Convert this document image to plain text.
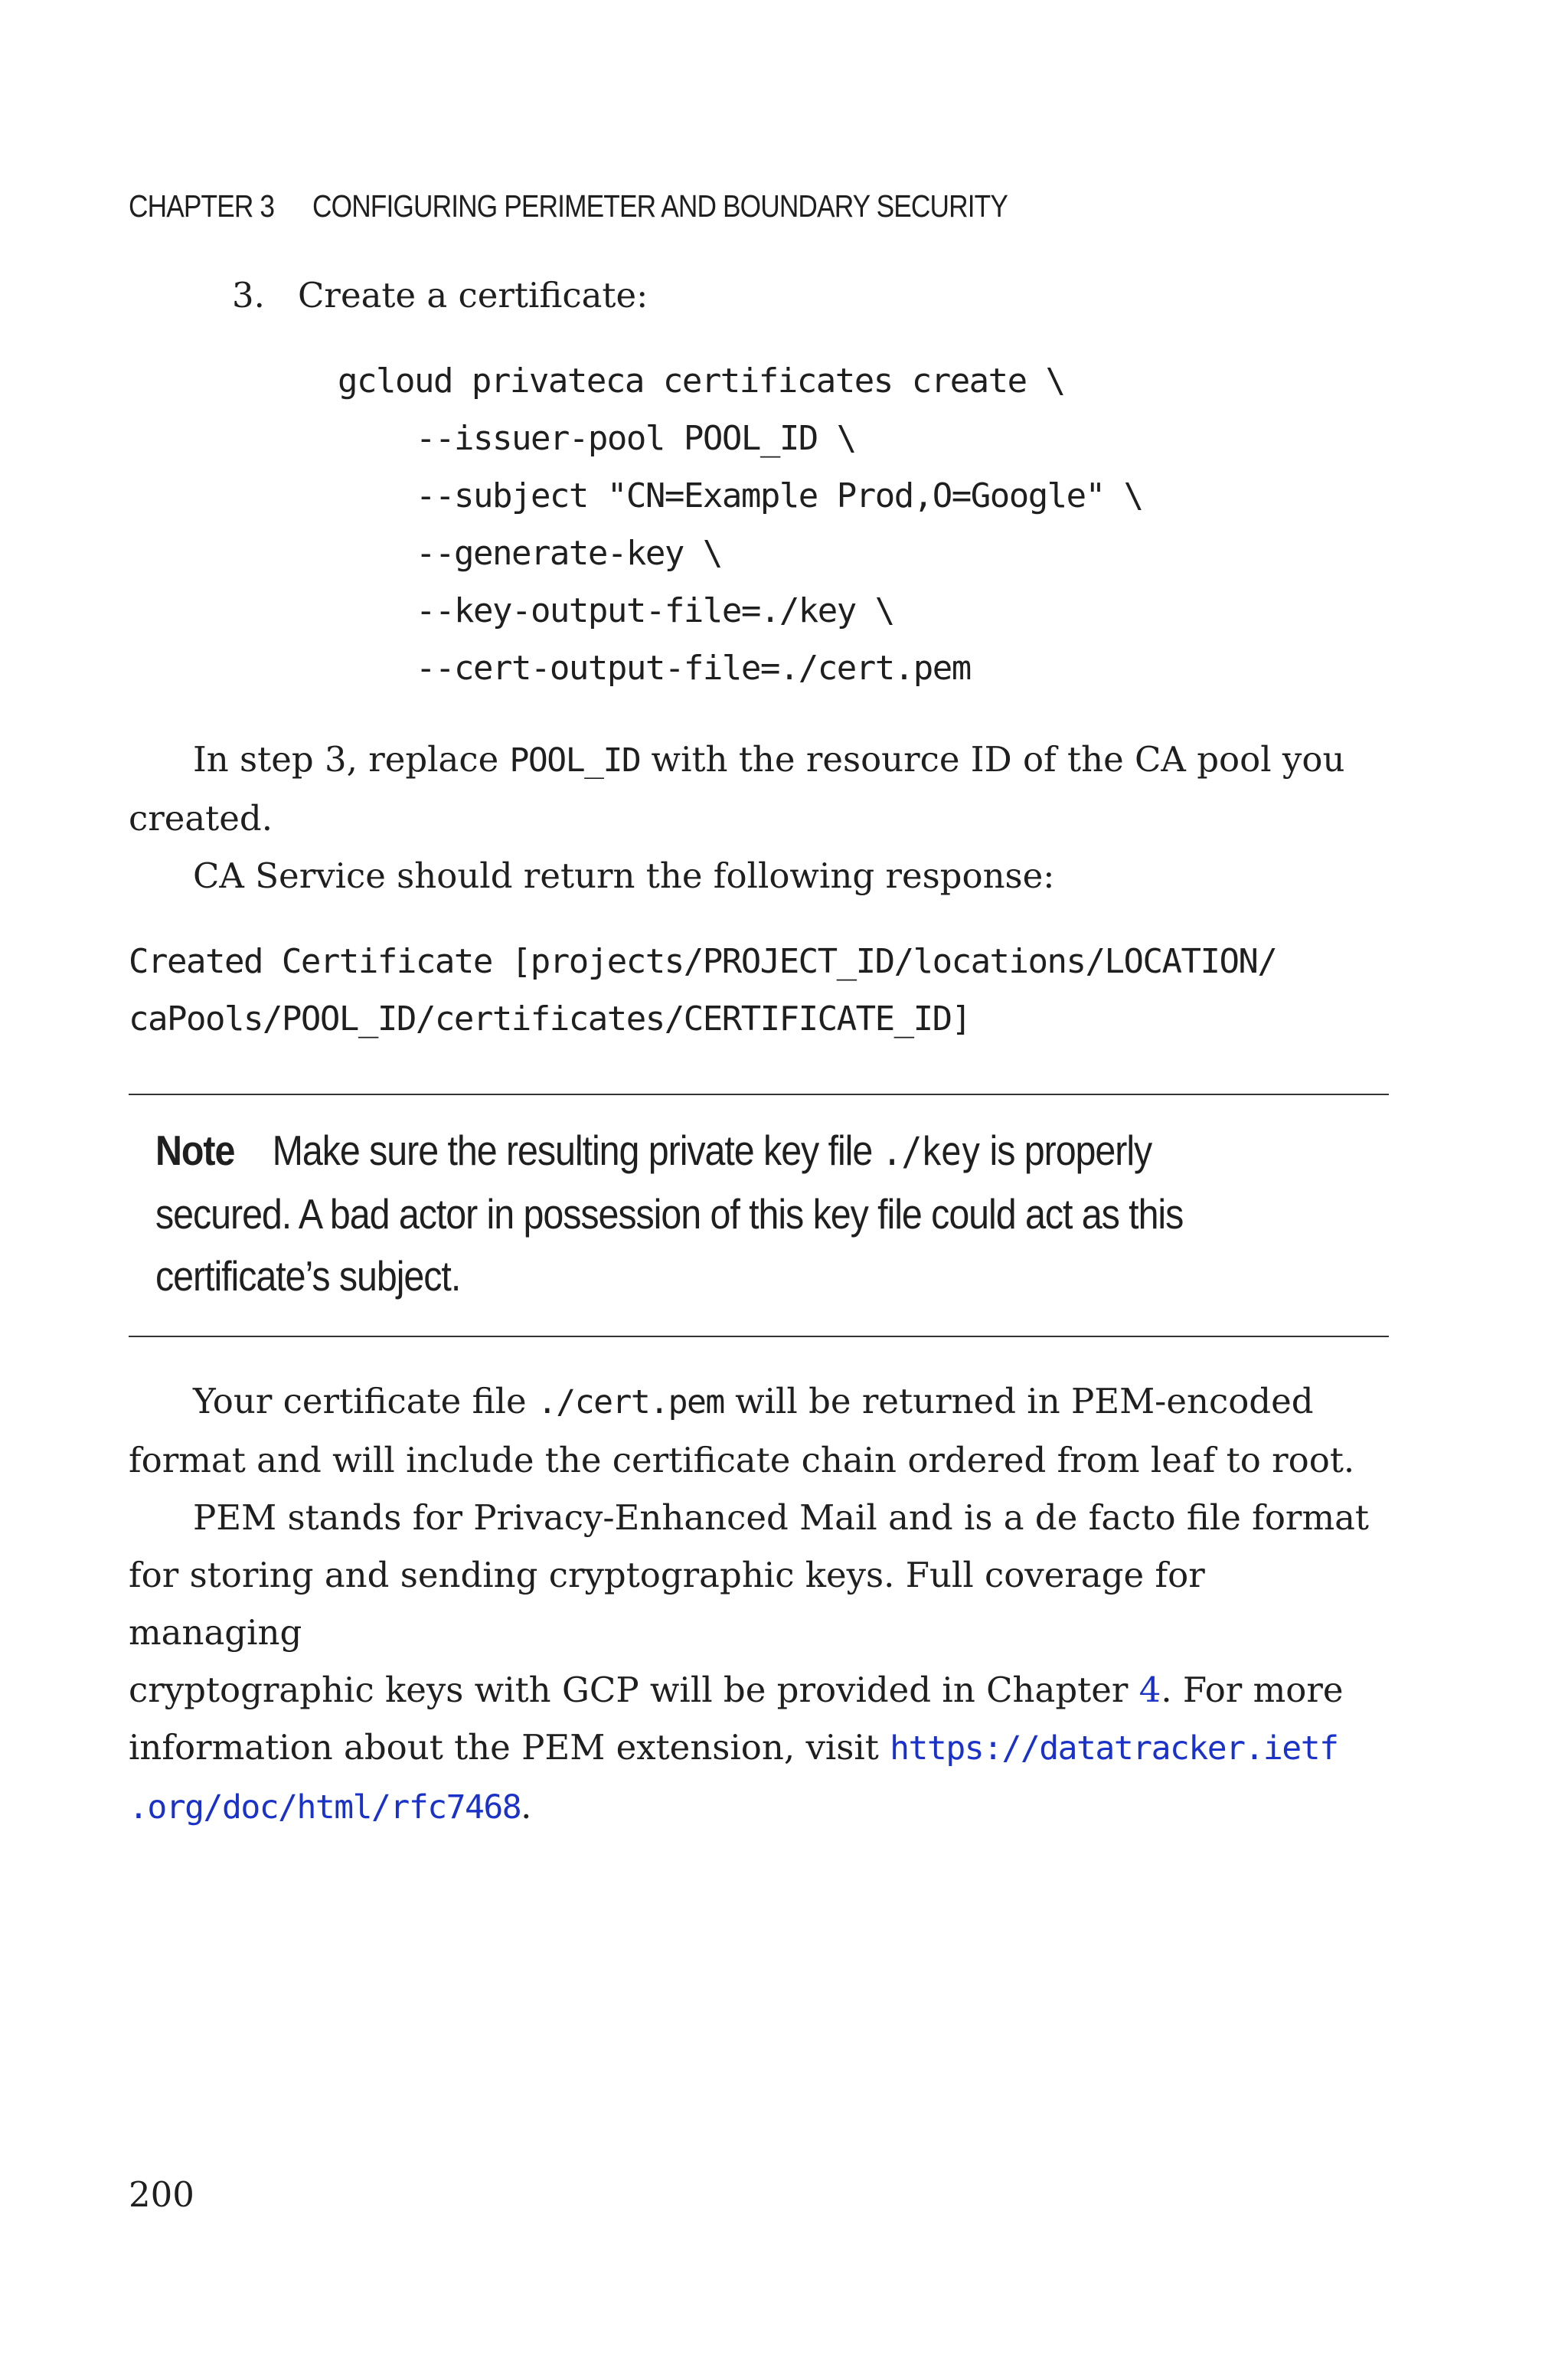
CHAPTER 3 CONFIGURING PERIMETER AND BOUNDARY SECURITY
3. Create a certificate:
gcloud privateca certificates create \
--issuer-pool POOL_ID \
--subject "CN=Example Prod,O=Google" \
--generate-key \
--key-output-file=./key \
--cert-output-file=./cert.pem
In step 3, replace POOL_ID with the resource ID of the CA pool you
created.
CA Service should return the following response:
Created Certificate [projects/PROJECT_ID/locations/LOCATION/
caPools/POOL_ID/certificates/CERTIFICATE_ID]
Note Make sure the resulting private key file ./key is properly
secured. A bad actor in possession of this key file could act as this
certificate’s subject.
Your certificate file ./cert.pem will be returned in PEM-encoded
format and will include the certificate chain ordered from leaf to root.
PEM stands for Privacy-Enhanced Mail and is a de facto file format
for storing and sending cryptographic keys. Full coverage for managing
cryptographic keys with GCP will be provided in Chapter 4. For more
information about the PEM extension, visit https://datatracker.ietf
.org/doc/html/rfc7468.
200
